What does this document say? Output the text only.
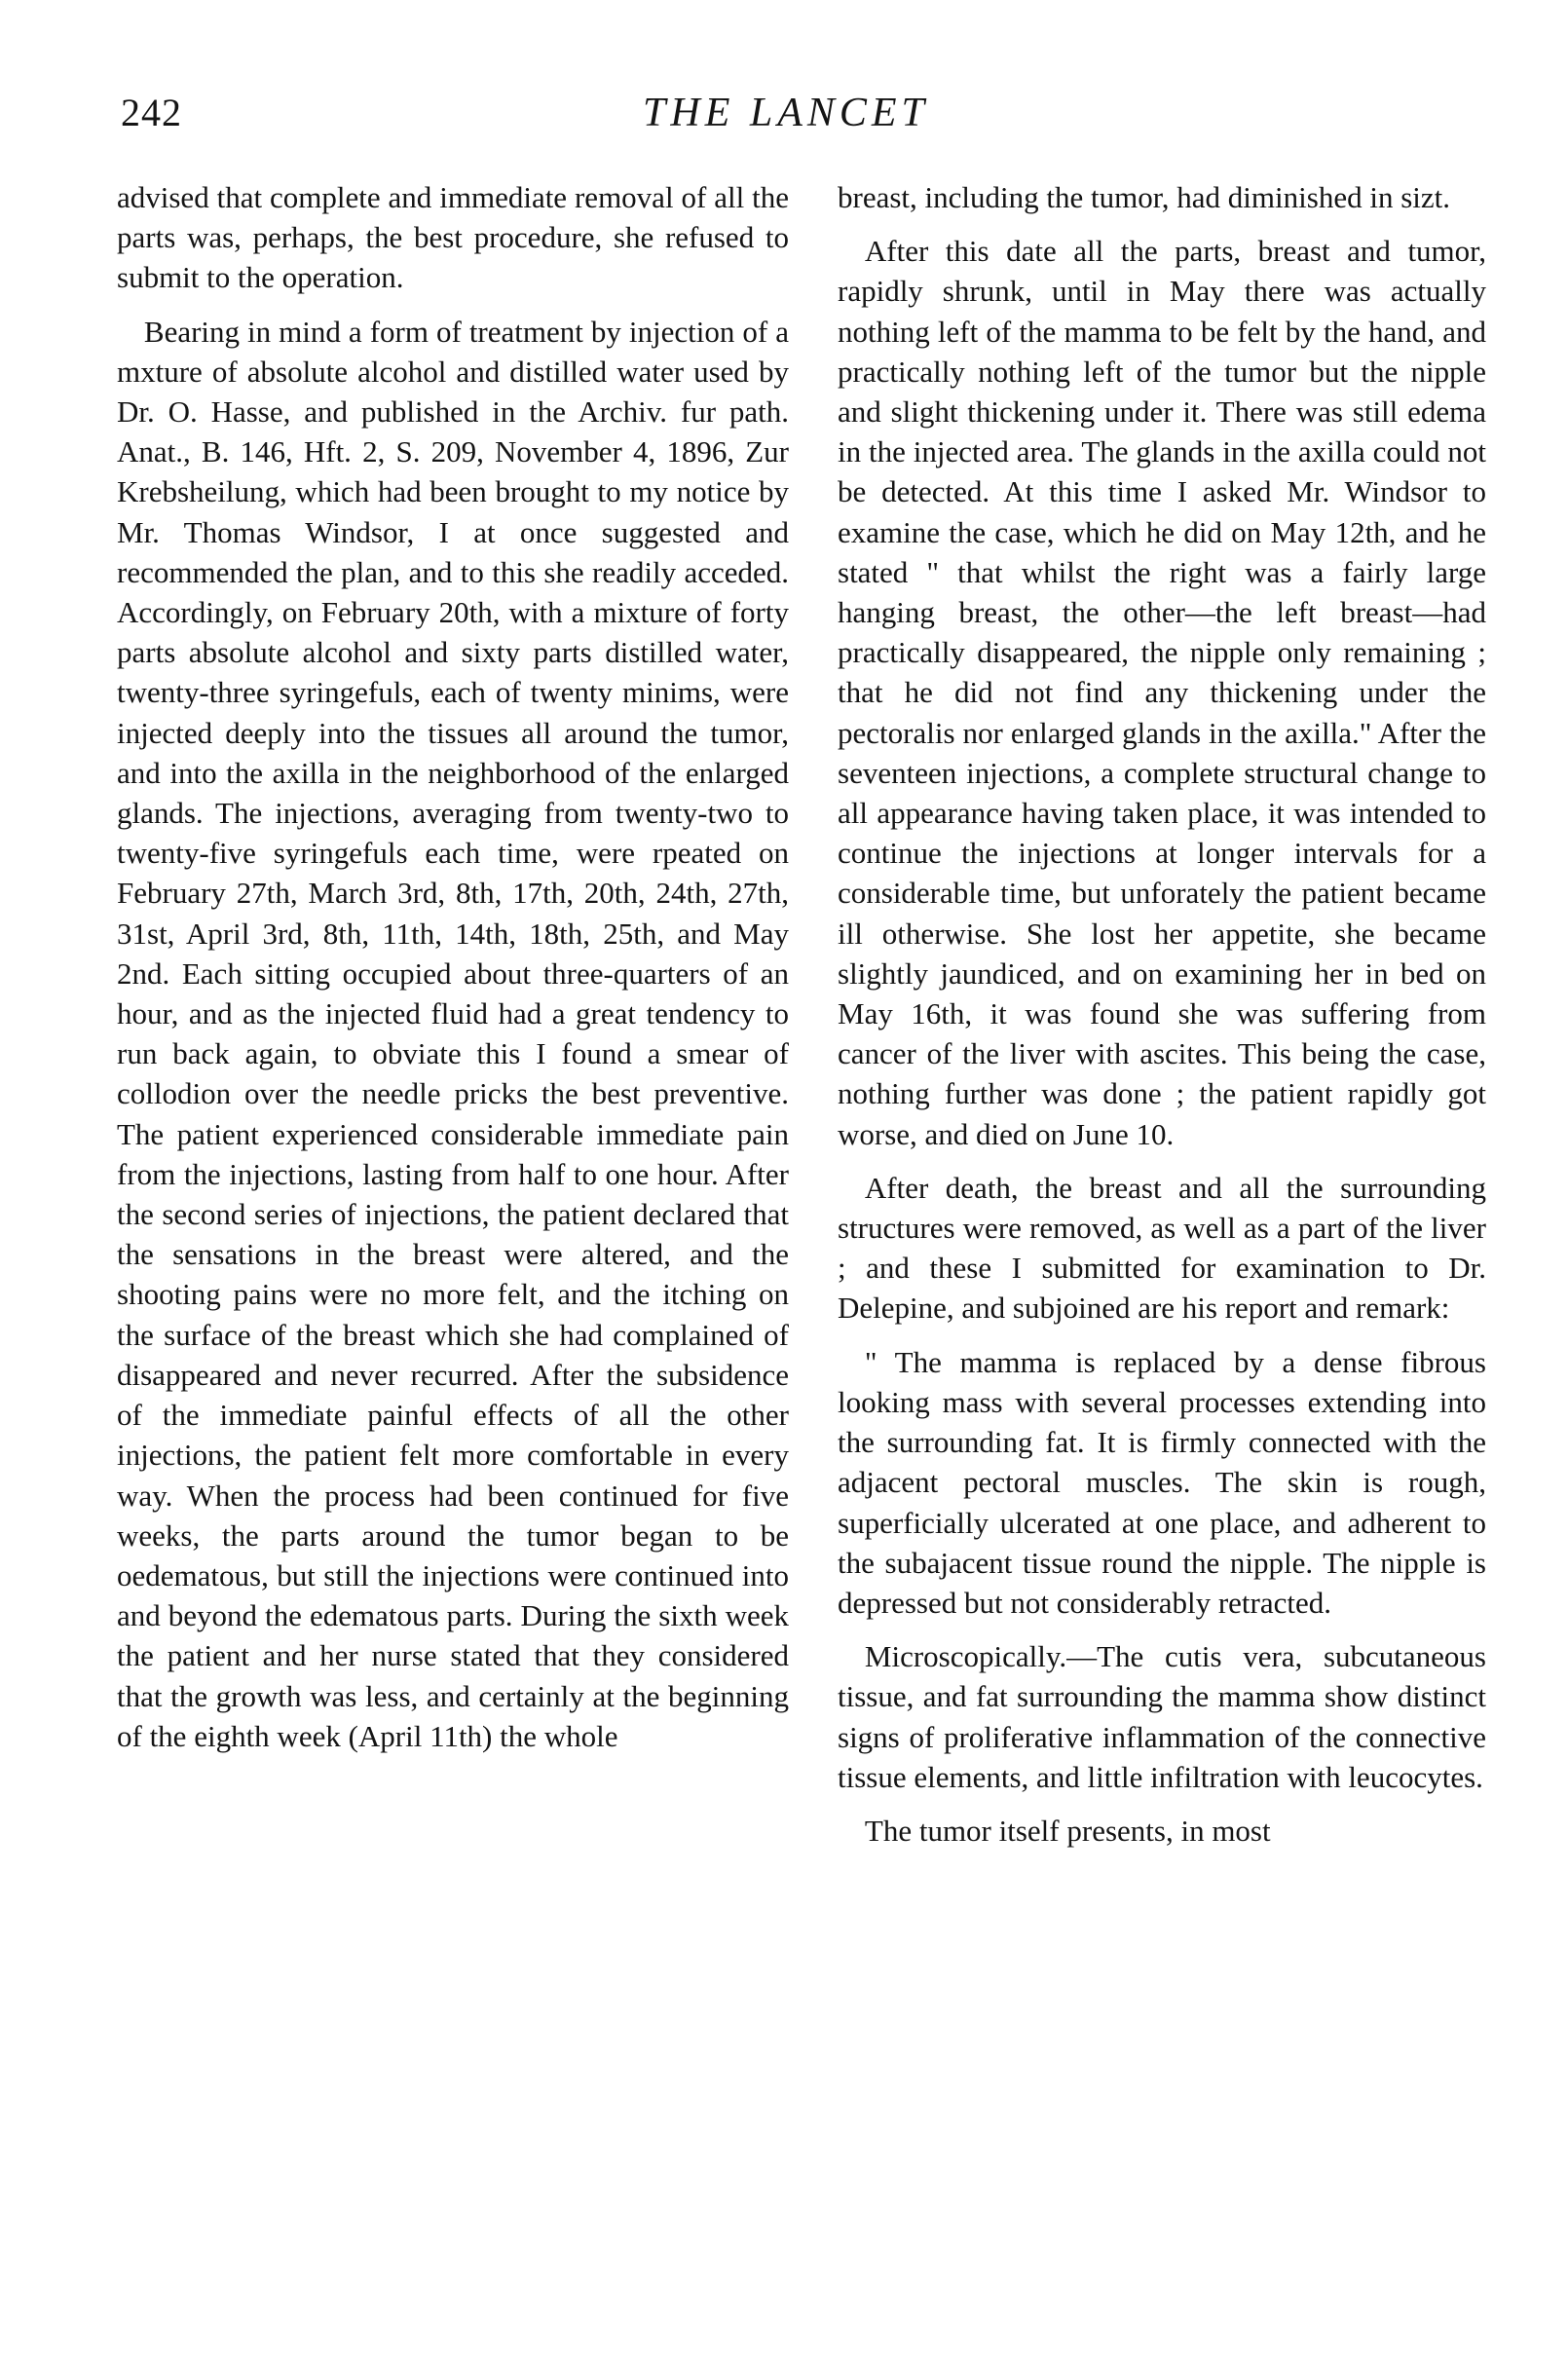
242	THE LANCET

advised that complete and immediate removal of all the parts was, perhaps, the best procedure, she refused to submit to the operation.

Bearing in mind a form of treatment by injection of a mxture of absolute alcohol and distilled water used by Dr. O. Hasse, and published in the Archiv. fur path. Anat., B. 146, Hft. 2, S. 209, November 4, 1896, Zur Krebsheilung, which had been brought to my notice by Mr. Thomas Windsor, I at once suggested and recommended the plan, and to this she readily acceded. Accordingly, on February 20th, with a mixture of forty parts absolute alcohol and sixty parts distilled water, twenty-three syringefuls, each of twenty minims, were injected deeply into the tissues all around the tumor, and into the axilla in the neighborhood of the enlarged glands. The injections, averaging from twenty-two to twenty-five syringefuls each time, were rpeated on February 27th, March 3rd, 8th, 17th, 20th, 24th, 27th, 31st, April 3rd, 8th, 11th, 14th, 18th, 25th, and May 2nd. Each sitting occupied about three-quarters of an hour, and as the injected fluid had a great tendency to run back again, to obviate this I found a smear of collodion over the needle pricks the best preventive. The patient experienced considerable immediate pain from the injections, lasting from half to one hour. After the second series of injections, the patient declared that the sensations in the breast were altered, and the shooting pains were no more felt, and the itching on the surface of the breast which she had complained of disappeared and never recurred. After the subsidence of the immediate painful effects of all the other injections, the patient felt more comfortable in every way. When the process had been continued for five weeks, the parts around the tumor began to be oedematous, but still the injections were continued into and beyond the edematous parts. During the sixth week the patient and her nurse stated that they considered that the growth was less, and certainly at the beginning of the eighth week (April 11th) the whole

breast, including the tumor, had diminished in sizt.

After this date all the parts, breast and tumor, rapidly shrunk, until in May there was actually nothing left of the mamma to be felt by the hand, and practically nothing left of the tumor but the nipple and slight thickening under it. There was still edema in the injected area. The glands in the axilla could not be detected. At this time I asked Mr. Windsor to examine the case, which he did on May 12th, and he stated " that whilst the right was a fairly large hanging breast, the other—the left breast—had practically disappeared, the nipple only remaining ; that he did not find any thickening under the pectoralis nor enlarged glands in the axilla." After the seventeen injections, a complete structural change to all appearance having taken place, it was intended to continue the injections at longer intervals for a considerable time, but unforately the patient became ill otherwise. She lost her appetite, she became slightly jaundiced, and on examining her in bed on May 16th, it was found she was suffering from cancer of the liver with ascites. This being the case, nothing further was done ; the patient rapidly got worse, and died on June 10.

After death, the breast and all the surrounding structures were removed, as well as a part of the liver ; and these I submitted for examination to Dr. Delepine, and subjoined are his report and remark:

" The mamma is replaced by a dense fibrous looking mass with several processes extending into the surrounding fat. It is firmly connected with the adjacent pectoral muscles. The skin is rough, superficially ulcerated at one place, and adherent to the subajacent tissue round the nipple. The nipple is depressed but not considerably retracted.

Microscopically.—The cutis vera, subcutaneous tissue, and fat surrounding the mamma show distinct signs of proliferative inflammation of the connective tissue elements, and little infiltration with leucocytes.

The tumor itself presents, in most
